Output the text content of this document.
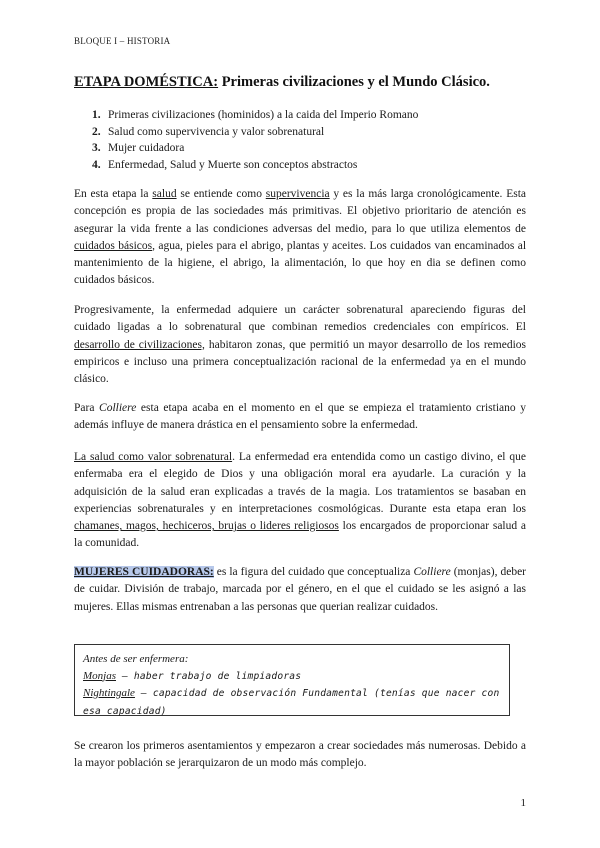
BLOQUE I – HISTORIA
ETAPA DOMÉSTICA: Primeras civilizaciones y el Mundo Clásico.
1. Primeras civilizaciones (hominidos) a la caida del Imperio Romano
2. Salud como supervivencia y valor sobrenatural
3. Mujer cuidadora
4. Enfermedad, Salud y Muerte son conceptos abstractos

En esta etapa la salud se entiende como supervivencia y es la más larga cronológicamente. Esta concepción es propia de las sociedades más primitivas. El objetivo prioritario de atención es asegurar la vida frente a las condiciones adversas del medio, para lo que utiliza elementos de cuidados básicos, agua, pieles para el abrigo, plantas y aceites. Los cuidados van encaminados al mantenimiento de la higiene, el abrigo, la alimentación, lo que hoy en dia se definen como cuidados básicos.

Progresivamente, la enfermedad adquiere un carácter sobrenatural apareciendo figuras del cuidado ligadas a lo sobrenatural que combinan remedios credenciales con empíricos. El desarrollo de civilizaciones, habitaron zonas, que permitió un mayor desarrollo de los remedios empiricos e incluso una primera conceptualización racional de la enfermedad ya en el mundo clásico.

Para Colliere esta etapa acaba en el momento en el que se empieza el tratamiento cristiano y además influye de manera drástica en el pensamiento sobre la enfermedad.

La salud como valor sobrenatural. La enfermedad era entendida como un castigo divino, el que enfermaba era el elegido de Dios y una obligación moral era ayudarle. La curación y la adquisición de la salud eran explicadas a través de la magia. Los tratamientos se basaban en experiencias sobrenaturales y en interpretaciones cosmológicas. Durante esta etapa eran los chamanes, magos, hechiceros, brujas o lideres religiosos los encargados de proporcionar salud a la comunidad.

MUJERES CUIDADORAS: es la figura del cuidado que conceptualiza Colliere (monjas), deber de cuidar. División de trabajo, marcada por el género, en el que el cuidado se les asignó a las mujeres. Ellas mismas entrenaban a las personas que querian realizar cuidados.

Antes de ser enfermera:
Monjas – haber trabajo de limpiadoras
Nightingale – capacidad de observación Fundamental (tenías que nacer con esa capacidad)

Se crearon los primeros asentamientos y empezaron a crear sociedades más numerosas. Debido a la mayor población se jerarquizaron de un modo más complejo.

1
